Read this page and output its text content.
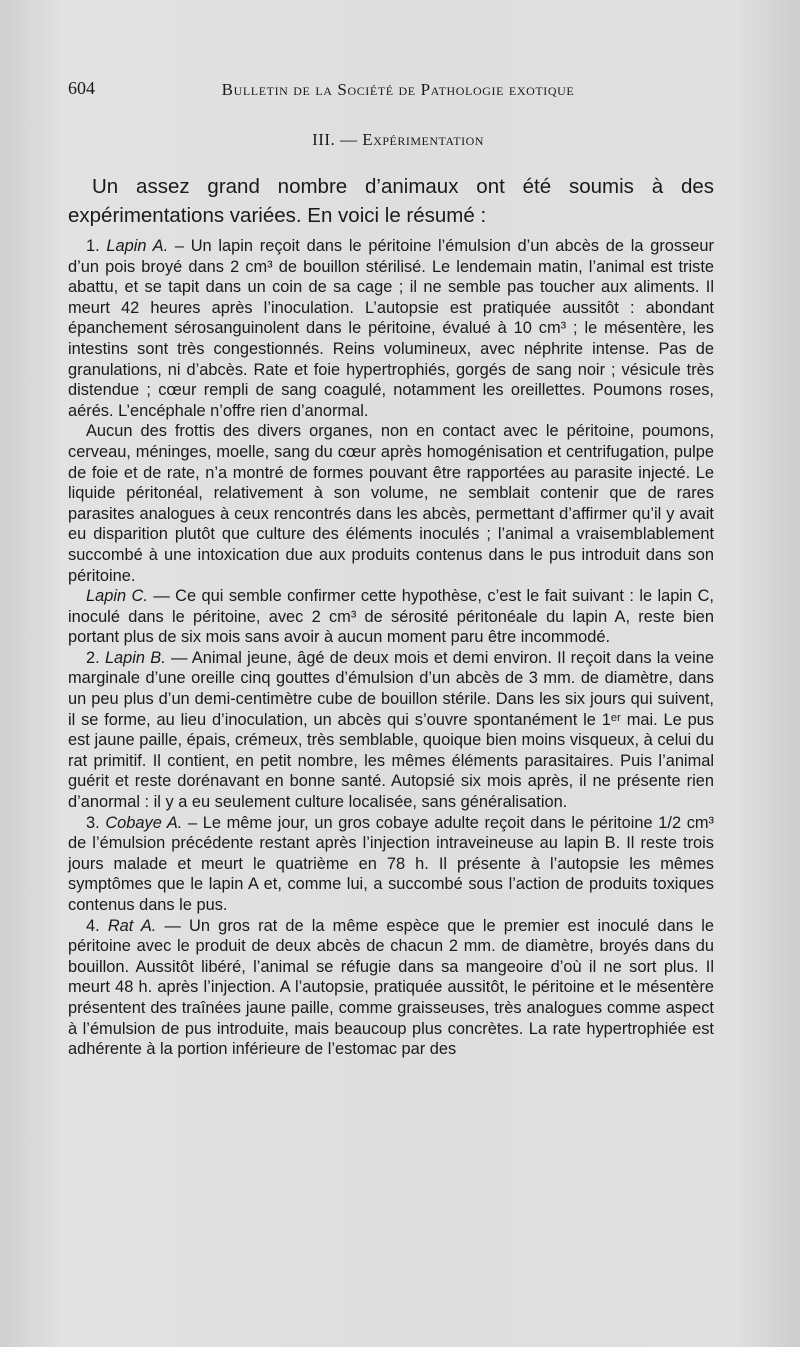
604	Bulletin de la Société de Pathologie exotique
III. — Expérimentation

Un assez grand nombre d’animaux ont été soumis à des expérimentations variées. En voici le résumé :

1. Lapin A. – Un lapin reçoit dans le péritoine l’émulsion d’un abcès de la grosseur d’un pois broyé dans 2 cm³ de bouillon stérilisé. Le lendemain matin, l’animal est triste abattu, et se tapit dans un coin de sa cage ; il ne semble pas toucher aux aliments. Il meurt 42 heures après l’inoculation. L’autopsie est pratiquée aussitôt : abondant épanchement sérosanguinolent dans le péritoine, évalué à 10 cm³ ; le mésentère, les intestins sont très congestionnés. Reins volumineux, avec néphrite intense. Pas de granulations, ni d’abcès. Rate et foie hypertrophiés, gorgés de sang noir ; vésicule très distendue ; cœur rempli de sang coagulé, notamment les oreillettes. Poumons roses, aérés. L’encéphale n’offre rien d’anormal.

Aucun des frottis des divers organes, non en contact avec le péritoine, poumons, cerveau, méninges, moelle, sang du cœur après homogénisation et centrifugation, pulpe de foie et de rate, n’a montré de formes pouvant être rapportées au parasite injecté. Le liquide péritonéal, relativement à son volume, ne semblait contenir que de rares parasites analogues à ceux rencontrés dans les abcès, permettant d’affirmer qu’il y avait eu disparition plutôt que culture des éléments inoculés ; l’animal a vraisemblablement succombé à une intoxication due aux produits contenus dans le pus introduit dans son péritoine.

Lapin C. — Ce qui semble confirmer cette hypothèse, c’est le fait suivant : le lapin C, inoculé dans le péritoine, avec 2 cm³ de sérosité péritonéale du lapin A, reste bien portant plus de six mois sans avoir à aucun moment paru être incommodé.

2. Lapin B. — Animal jeune, âgé de deux mois et demi environ. Il reçoit dans la veine marginale d’une oreille cinq gouttes d’émulsion d’un abcès de 3 mm. de diamètre, dans un peu plus d’un demi-centimètre cube de bouillon stérile. Dans les six jours qui suivent, il se forme, au lieu d’inoculation, un abcès qui s’ouvre spontanément le 1ᵉʳ mai. Le pus est jaune paille, épais, crémeux, très semblable, quoique bien moins visqueux, à celui du rat primitif. Il contient, en petit nombre, les mêmes éléments parasitaires. Puis l’animal guérit et reste dorénavant en bonne santé. Autopsié six mois après, il ne présente rien d’anormal : il y a eu seulement culture localisée, sans généralisation.

3. Cobaye A. – Le même jour, un gros cobaye adulte reçoit dans le péritoine 1/2 cm³ de l’émulsion précédente restant après l’injection intraveineuse au lapin B. Il reste trois jours malade et meurt le quatrième en 78 h. Il présente à l’autopsie les mêmes symptômes que le lapin A et, comme lui, a succombé sous l’action de produits toxiques contenus dans le pus.

4. Rat A. — Un gros rat de la même espèce que le premier est inoculé dans le péritoine avec le produit de deux abcès de chacun 2 mm. de diamètre, broyés dans du bouillon. Aussitôt libéré, l’animal se réfugie dans sa mangeoire d’où il ne sort plus. Il meurt 48 h. après l’injection. A l’autopsie, pratiquée aussitôt, le péritoine et le mésentère présentent des traînées jaune paille, comme graisseuses, très analogues comme aspect à l’émulsion de pus introduite, mais beaucoup plus concrètes. La rate hypertrophiée est adhérente à la portion inférieure de l’estomac par des
